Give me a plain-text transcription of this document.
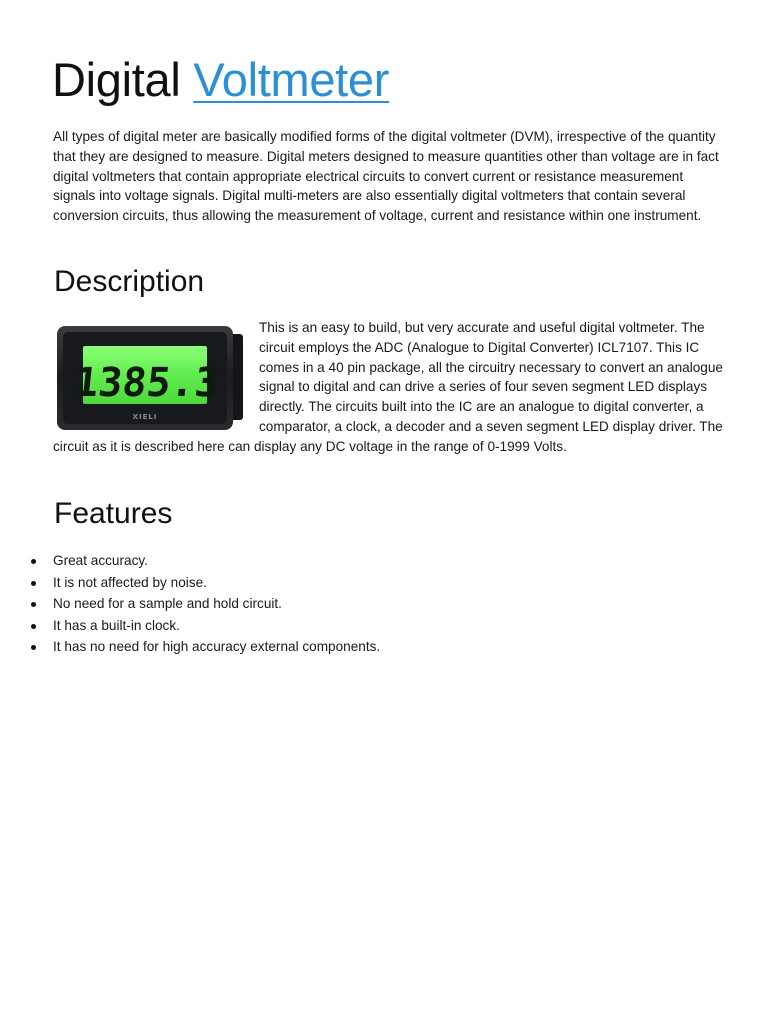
Digital Voltmeter

All types of digital meter are basically modified forms of the digital voltmeter (DVM), irrespective of the quantity that they are designed to measure. Digital meters designed to measure quantities other than voltage are in fact digital voltmeters that contain appropriate electrical circuits to convert current or resistance measurement signals into voltage signals. Digital multi-meters are also essentially digital voltmeters that contain several conversion circuits, thus allowing the measurement of voltage, current and resistance within one instrument.

Description
1385.3
XIELI

This is an easy to build, but very accurate and useful digital voltmeter. The circuit employs the ADC (Analogue to Digital Converter) ICL7107. This IC comes in a 40 pin package, all the circuitry necessary to convert an analogue signal to digital and can drive a series of four seven segment LED displays directly. The circuits built into the IC are an analogue to digital converter, a comparator, a clock, a decoder and a seven segment LED display driver. The circuit as it is described here can display any DC voltage in the range of 0-1999 Volts.

Features
Great accuracy.
It is not affected by noise.
No need for a sample and hold circuit.
It has a built-in clock.
It has no need for high accuracy external components.
